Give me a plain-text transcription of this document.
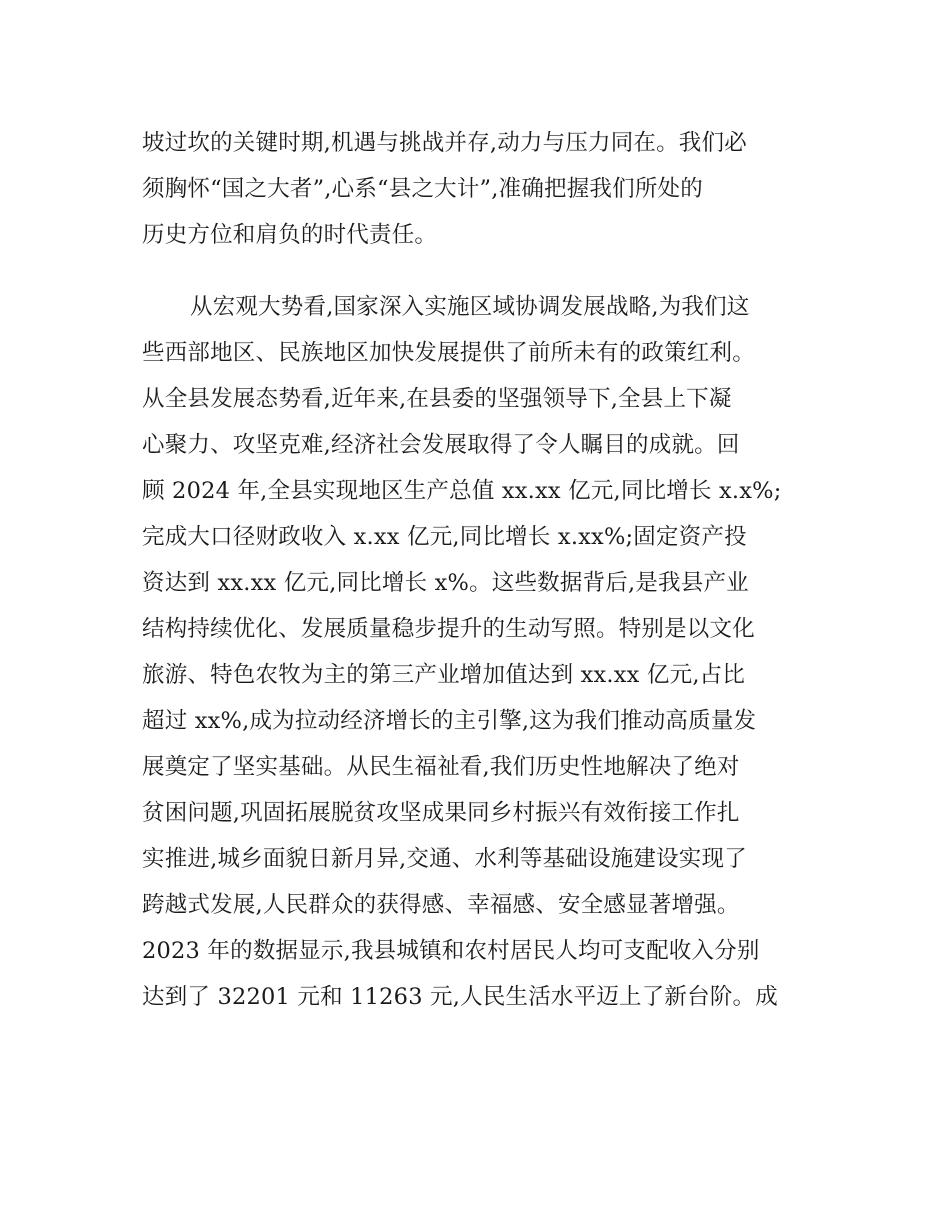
坡过坎的关键时期,机遇与挑战并存,动力与压力同在。我们必
须胸怀“国之大者”,心系“县之大计”,准确把握我们所处的
历史方位和肩负的时代责任。
从宏观大势看,国家深入实施区域协调发展战略,为我们这
些西部地区、民族地区加快发展提供了前所未有的政策红利。
从全县发展态势看,近年来,在县委的坚强领导下,全县上下凝
心聚力、攻坚克难,经济社会发展取得了令人瞩目的成就。回
顾 2024 年,全县实现地区生产总值 xx.xx 亿元,同比增长 x.x%;
完成大口径财政收入 x.xx 亿元,同比增长 x.xx%;固定资产投
资达到 xx.xx 亿元,同比增长 x%。这些数据背后,是我县产业
结构持续优化、发展质量稳步提升的生动写照。特别是以文化
旅游、特色农牧为主的第三产业增加值达到 xx.xx 亿元,占比
超过 xx%,成为拉动经济增长的主引擎,这为我们推动高质量发
展奠定了坚实基础。从民生福祉看,我们历史性地解决了绝对
贫困问题,巩固拓展脱贫攻坚成果同乡村振兴有效衔接工作扎
实推进,城乡面貌日新月异,交通、水利等基础设施建设实现了
跨越式发展,人民群众的获得感、幸福感、安全感显著增强。
2023 年的数据显示,我县城镇和农村居民人均可支配收入分别
达到了 32201 元和 11263 元,人民生活水平迈上了新台阶。成
